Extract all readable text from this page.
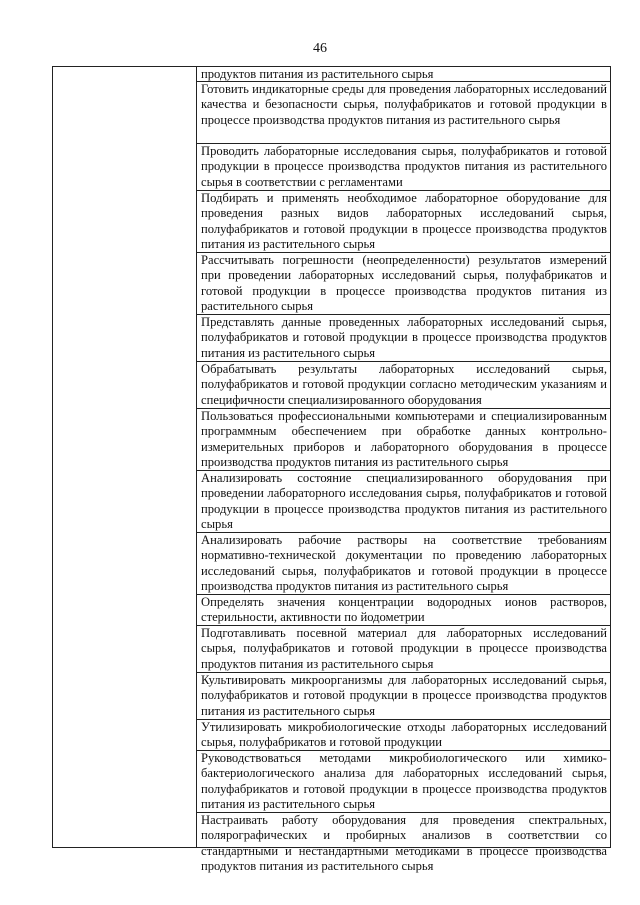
46
продуктов питания из растительного сырья
Готовить индикаторные среды для проведения лабораторных исследований качества и безопасности сырья, полуфабрикатов и готовой продукции в процессе производства продуктов питания из растительного сырья
Проводить лабораторные исследования сырья, полуфабрикатов и готовой продукции в процессе производства продуктов питания из растительного сырья в соответствии с регламентами
Подбирать и применять необходимое лабораторное оборудование для проведения разных видов лабораторных исследований сырья, полуфабрикатов и готовой продукции в процессе производства продуктов питания из растительного сырья
Рассчитывать погрешности (неопределенности) результатов измерений при проведении лабораторных исследований сырья, полуфабрикатов и готовой продукции в процессе производства продуктов питания из растительного сырья
Представлять данные проведенных лабораторных исследований сырья, полуфабрикатов и готовой продукции в процессе производства продуктов питания из растительного сырья
Обрабатывать результаты лабораторных исследований сырья, полуфабрикатов и готовой продукции согласно методическим указаниям и специфичности специализированного оборудования
Пользоваться профессиональными компьютерами и специализированным программным обеспечением при обработке данных контрольно-измерительных приборов и лабораторного оборудования в процессе производства продуктов питания из растительного сырья
Анализировать состояние специализированного оборудования при проведении лабораторного исследования сырья, полуфабрикатов и готовой продукции в процессе производства продуктов питания из растительного сырья
Анализировать рабочие растворы на соответствие требованиям нормативно-технической документации по проведению лабораторных исследований сырья, полуфабрикатов и готовой продукции в процессе производства продуктов питания из растительного сырья
Определять значения концентрации водородных ионов растворов, стерильности, активности по йодометрии
Подготавливать посевной материал для лабораторных исследований сырья, полуфабрикатов и готовой продукции в процессе производства продуктов питания из растительного сырья
Культивировать микроорганизмы для лабораторных исследований сырья, полуфабрикатов и готовой продукции в процессе производства продуктов питания из растительного сырья
Утилизировать микробиологические отходы лабораторных исследований сырья, полуфабрикатов и готовой продукции
Руководствоваться методами микробиологического или химико-бактериологического анализа для лабораторных исследований сырья, полуфабрикатов и готовой продукции в процессе производства продуктов питания из растительного сырья
Настраивать работу оборудования для проведения спектральных, полярографических и пробирных анализов в соответствии со стандартными и нестандартными методиками в процессе производства продуктов питания из растительного сырья
